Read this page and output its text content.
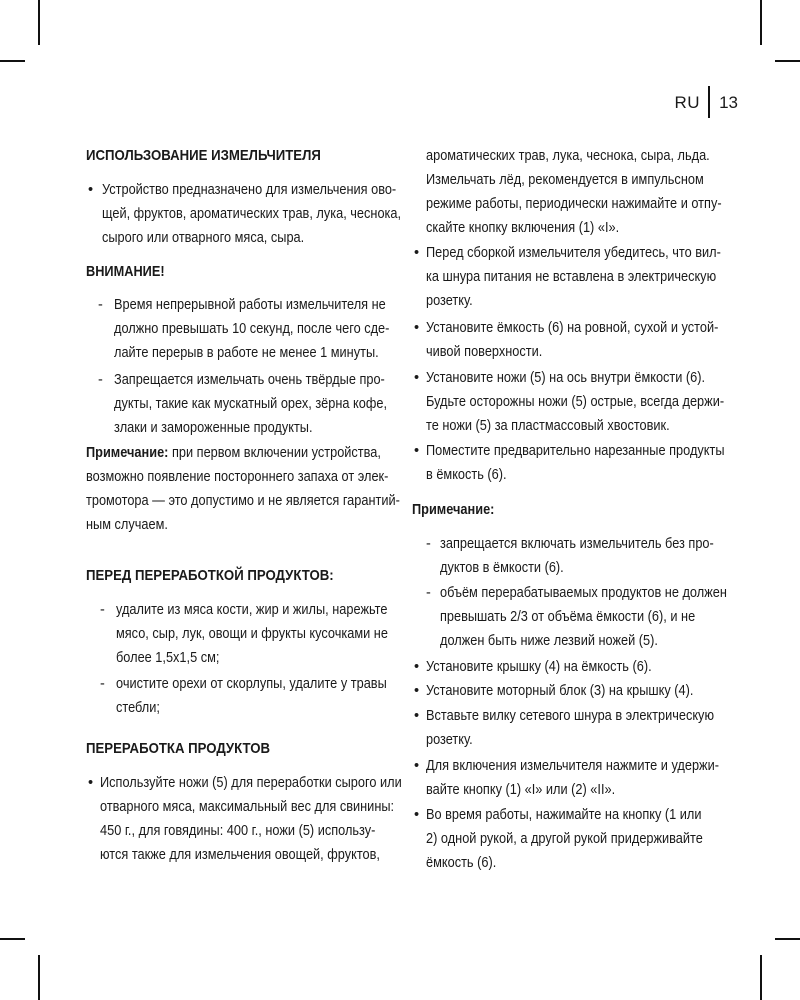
RU 13
ИСПОЛЬЗОВАНИЕ ИЗМЕЛЬЧИТЕЛЯ
• Устройство предназначено для измельчения ово-
щей, фруктов, ароматических трав, лука, чеснока,
сырого или отварного мяса, сыра.
ВНИМАНИЕ!
- Время непрерывной работы измельчителя не
должно превышать 10 секунд, после чего сде-
лайте перерыв в работе не менее 1 минуты.
- Запрещается измельчать очень твёрдые про-
дукты, такие как мускатный орех, зёрна кофе,
злаки и замороженные продукты.
Примечание: при первом включении устройства,
возможно появление постороннего запаха от элек-
тромотора — это допустимо и не является гарантий-
ным случаем.
ПЕРЕД ПЕРЕРАБОТКОЙ ПРОДУКТОВ:
- удалите из мяса кости, жир и жилы, нарежьте
мясо, сыр, лук, овощи и фрукты кусочками не
более 1,5х1,5 см;
- очистите орехи от скорлупы, удалите у травы
стебли;
ПЕРЕРАБОТКА ПРОДУКТОВ
• Используйте ножи (5) для переработки сырого или
отварного мяса, максимальный вес для свинины:
450 г., для говядины: 400 г., ножи (5) использу-
ются также для измельчения овощей, фруктов,
ароматических трав, лука, чеснока, сыра, льда.
Измельчать лёд, рекомендуется в импульсном
режиме работы, периодически нажимайте и отпу-
скайте кнопку включения (1) «I».
• Перед сборкой измельчителя убедитесь, что вил-
ка шнура питания не вставлена в электрическую
розетку.
• Установите ёмкость (6) на ровной, сухой и устой-
чивой поверхности.
• Установите ножи (5) на ось внутри ёмкости (6).
Будьте осторожны ножи (5) острые, всегда держи-
те ножи (5) за пластмассовый хвостовик.
• Поместите предварительно нарезанные продукты
в ёмкость (6).
Примечание:
- запрещается включать измельчитель без про-
дуктов в ёмкости (6).
- объём перерабатываемых продуктов не должен
превышать 2/3 от объёма ёмкости (6), и не
должен быть ниже лезвий ножей (5).
• Установите крышку (4) на ёмкость (6).
• Установите моторный блок (3) на крышку (4).
• Вставьте вилку сетевого шнура в электрическую
розетку.
• Для включения измельчителя нажмите и удержи-
вайте кнопку (1) «I» или (2) «II».
• Во время работы, нажимайте на кнопку (1 или
2) одной рукой, а другой рукой придерживайте
ёмкость (6).
